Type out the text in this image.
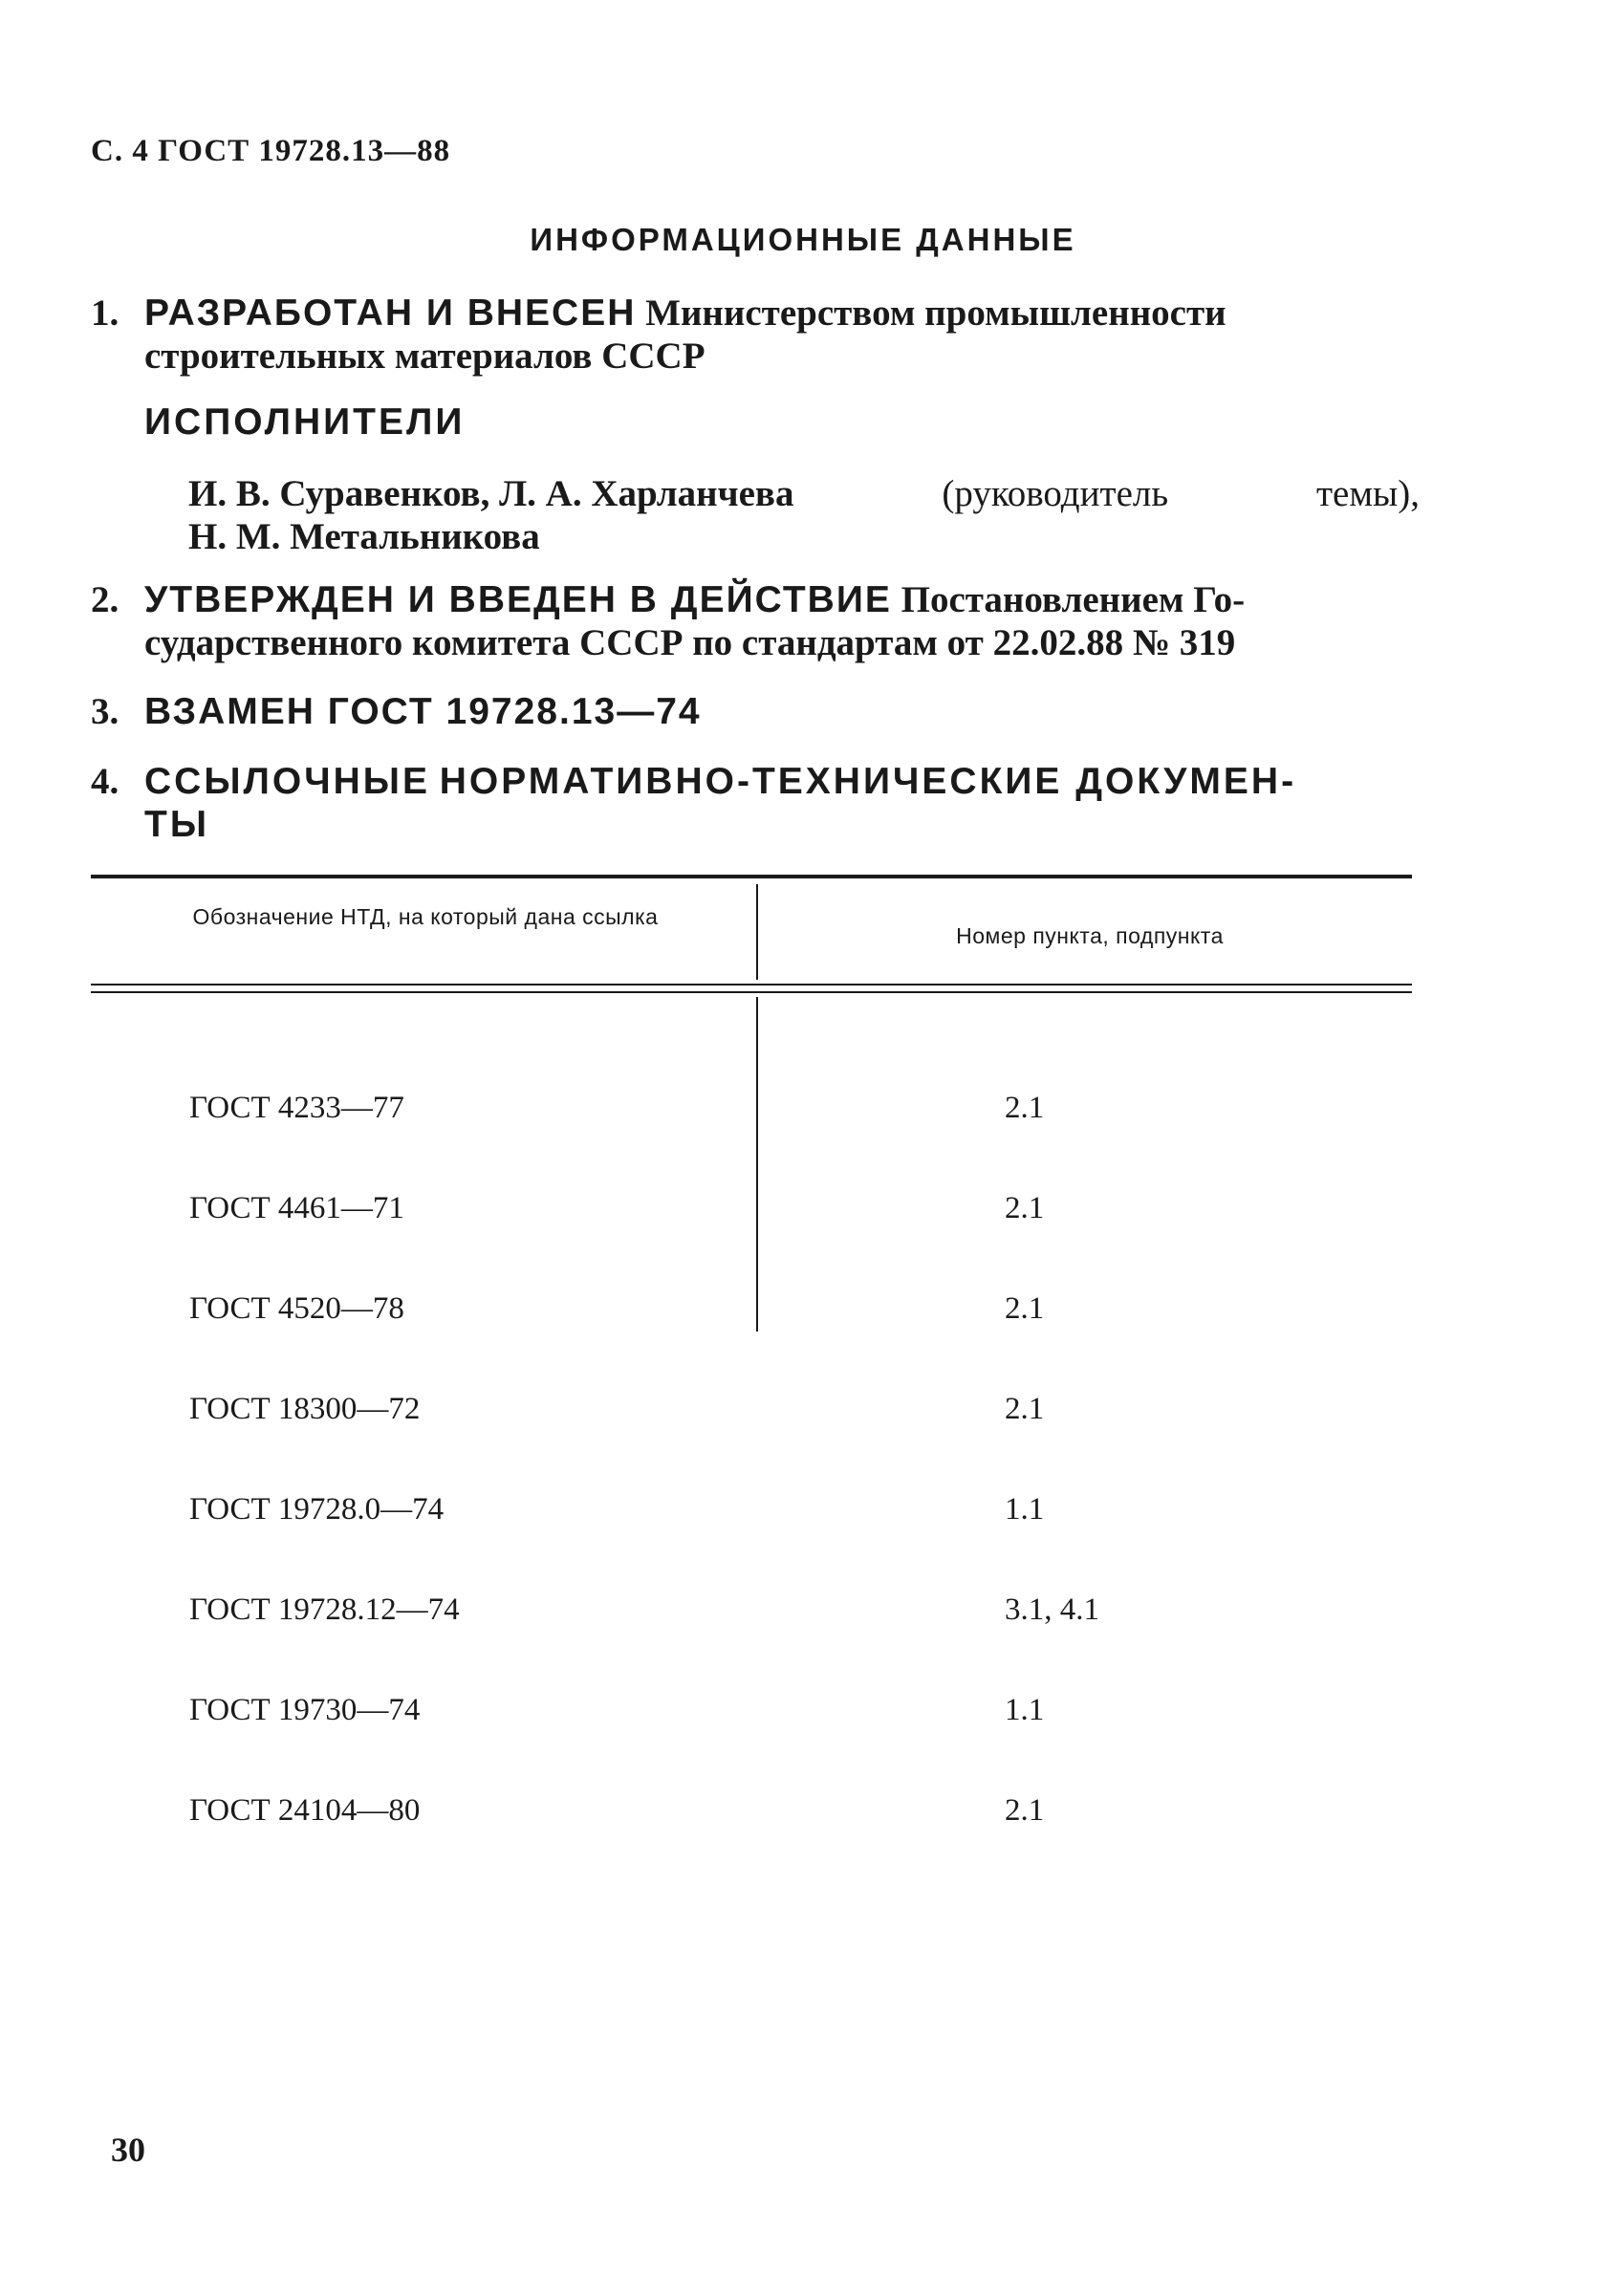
С. 4 ГОСТ 19728.13—88
ИНФОРМАЦИОННЫЕ ДАННЫЕ
1. РАЗРАБОТАН И ВНЕСЕН Министерством промышленности
строительных материалов СССР
ИСПОЛНИТЕЛИ
И. В. Суравенков, Л. А. Харланчева	(руководитель	темы),
Н. М. Метальникова
2. УТВЕРЖДЕН И ВВЕДЕН В ДЕЙСТВИЕ Постановлением Го-
сударственного комитета СССР по стандартам от 22.02.88 № 319
3. ВЗАМЕН ГОСТ 19728.13—74
4. ССЫЛОЧНЫЕ НОРМАТИВНО-ТЕХНИЧЕСКИЕ ДОКУМЕН-
ТЫ
Обозначение НТД, на который дана ссылка
Номер пункта, подпункта

ГОСТ 4233—77

ГОСТ 4461—71

ГОСТ 4520—78

ГОСТ 18300—72

ГОСТ 19728.0—74

ГОСТ 19728.12—74

ГОСТ 19730—74

ГОСТ 24104—80

2.1

2.1

2.1

2.1

1.1

3.1, 4.1

1.1

2.1

30
